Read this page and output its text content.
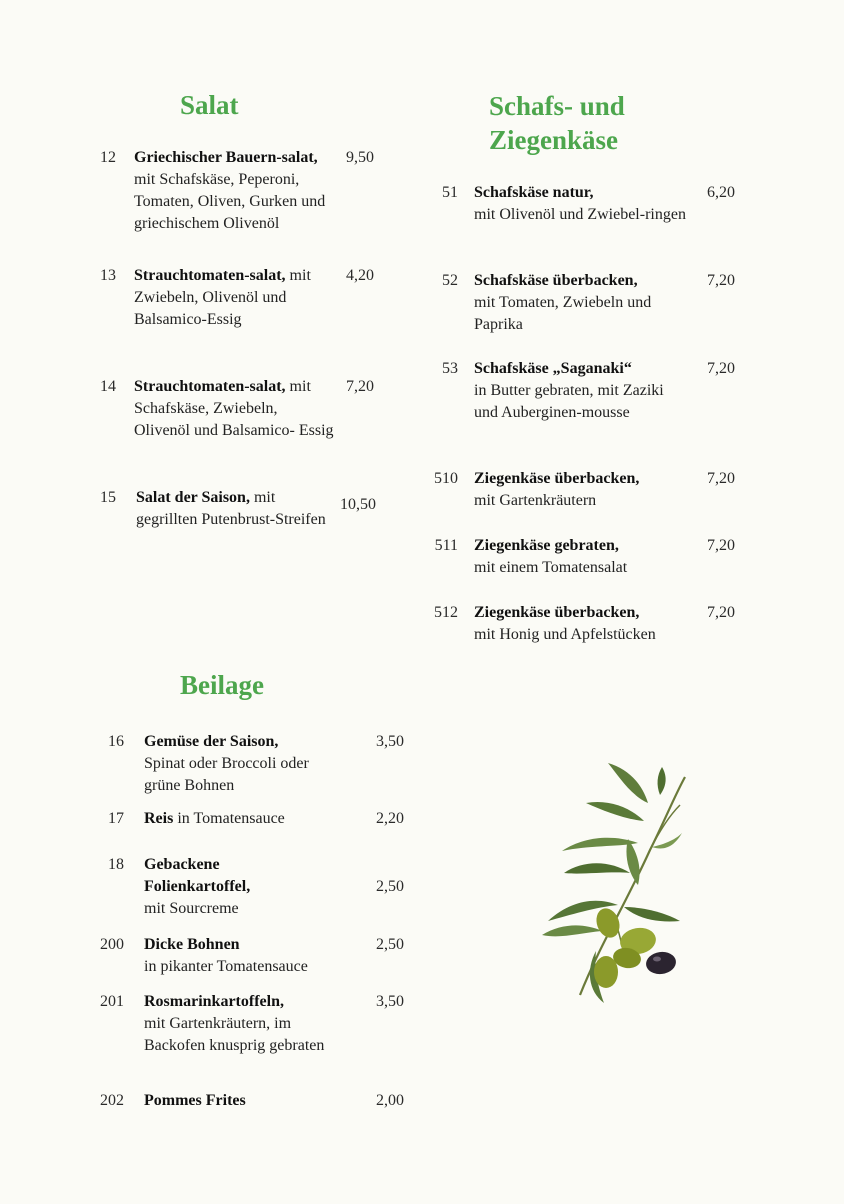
Salat
12 Griechischer Bauern-salat, mit Schafskäse, Peperoni, Tomaten, Oliven, Gurken und griechischem Olivenöl
9,50
13 Strauchtomaten-salat, mit Zwiebeln, Olivenöl und Balsamico-Essig
4,20
14 Strauchtomaten-salat, mit Schafskäse, Zwiebeln, Olivenöl und Balsamico- Essig
7,20
15 Salat der Saison, mit gegrillten Putenbrust-Streifen
10,50
Schafs- und Ziegenkäse
51 Schafskäse natur,
mit Olivenöl und Zwiebel-ringen
6,20
52 Schafskäse überbacken,
mit Tomaten, Zwiebeln und Paprika
7,20
53 Schafskäse „Saganaki“
in Butter gebraten, mit Zaziki und Auberginen-mousse
7,20
510 Ziegenkäse überbacken,
mit Gartenkräutern
7,20
511 Ziegenkäse gebraten,
mit einem Tomatensalat
7,20
512 Ziegenkäse überbacken,
mit Honig und Apfelstücken
7,20
Beilage
16 Gemüse der Saison,
Spinat oder Broccoli oder grüne Bohnen
3,50
17 Reis in Tomatensauce	2,20
18 Gebackene Folienkartoffel,
mit Sourcreme
2,50
200 Dicke Bohnen
in pikanter Tomatensauce
2,50
201 Rosmarinkartoffeln,
mit Gartenkräutern, im Backofen knusprig gebraten
3,50
202 Pommes Frites	2,00
